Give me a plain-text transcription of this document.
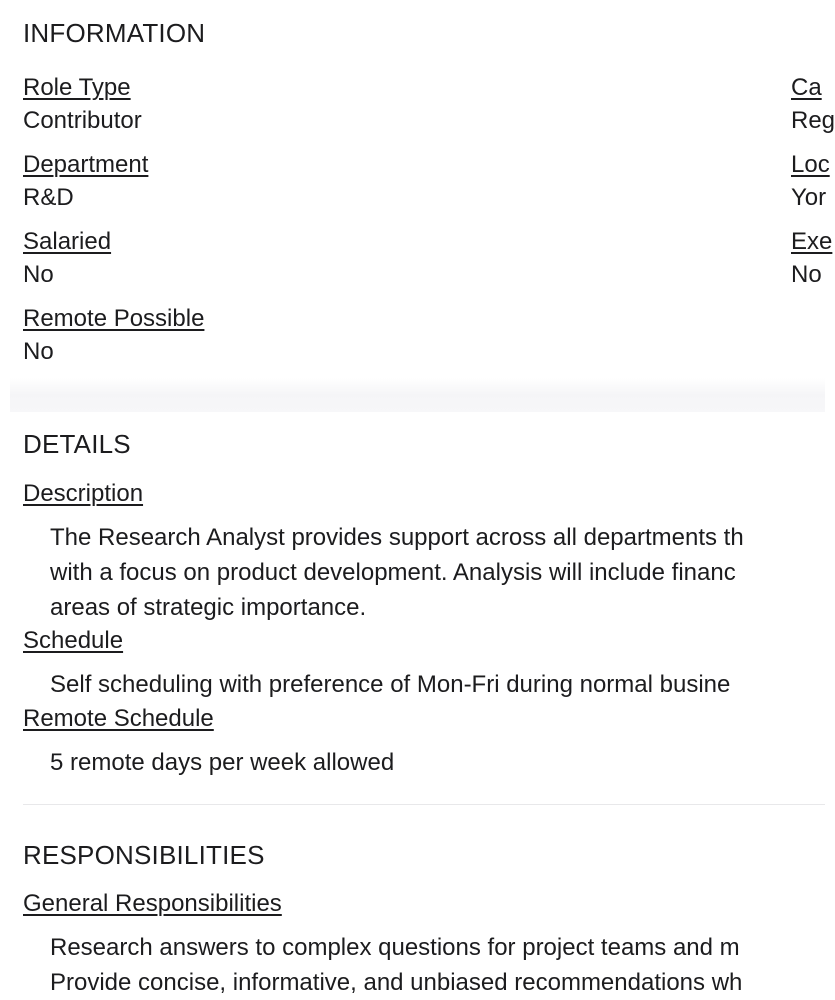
INFORMATION
Role Type
Contributor
Department
R&D
Salaried
No
Remote Possible
No
Ca
Reg
Loc
Yor
Exe
No
DETAILS
Description
The Research Analyst provides support across all departments th
with a focus on product development. Analysis will include financ
areas of strategic importance.
Schedule
Self scheduling with preference of Mon-Fri during normal busine
Remote Schedule
5 remote days per week allowed
RESPONSIBILITIES
General Responsibilities
Research answers to complex questions for project teams and m
Provide concise, informative, and unbiased recommendations wh
